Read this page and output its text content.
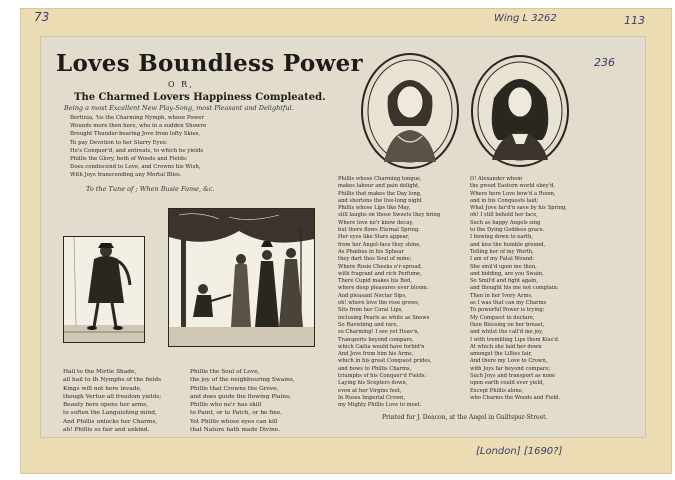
73	Wing L 3262	113
[London] [1690?]
236
Loves Boundless Power
O R,
The Charmed Lovers Happiness Compleated.
Being a most Excellent New Play-Song, most Pleasant and Delightful.
Bertinia, 'tis the Charming Nymph, whose Power
Wounds more then here, who in a sudden Showre
Brought Thunder-bearing Jove from lofty Skies,
To pay Devotion to her Starry Eyes:
He's Conquer'd, and entreats, to which he yields
Phillis the Glory, both of Woods and Fields:
Does condiscend to Love, and Crowns his Wish,
With Joys transcending any Mortal Bliss.
To the Tune of ; When Busie Fame, &c.
Hail to the Mirtle Shade,
all hail to th Nymphs of the fields
Kings will not here invade,
though Vertue all freedom yields;
Beauty here opens her arms,
to soften the Languishing mind,
And Phillis unlocks her Charms,
ah! Phillis so fair and unkind.
Phillis the Soul of Love,
the joy of the neighbouring Swains,
Phillis that Crowns the Grove,
and does guide the flowing Plains;
Phillis who ne'r has skill
to Paint, or to Patch, or be fine,
Yet Phillis whose eyes can kill
that Nature hath made Divine.
Phillis whose Charming tongue,
makes labour and pain delight,
Phillis that makes the Day long,
and shortens the live-long night
Phillis whose Lips like May,
still laughs on those Sweets they bring
Where love ne'r knew decay,
but there flows Eternal Spring.
Her eyes like Stars appear,
from her Angel-face they shine,
As Phœbus in his Sphear
they dart thos Soul of mine;
Where Rosie Cheeks o'r-spread,
with fragrant and rich Perfume,
There Cupid makes his Bed,
where deep pleasures ever bloom.
And pleasant Nectar Sips,
oh! where love the rose grows,
Sits from her Coral Lips,
inclosing Pearls as white as Snows
So Ravishing and rare,
so Charming! I see yet Heav'n,
Transports beyond compare,
which Cælia would have forbid'n
And Jove from him his Arms,
which in his great Conquest prides,
and bows to Phillis Charms,
triumphs of his Conquer'd Fields:
Laying his Scepters down,
even at her Virgins feet,
In Roses Imperial Crown,
my Mighty Phillis Love to meet.
O! Alexander whom
the proud Eastern world obey'd,
Where here Love bow'd a Room,
and in his Conquests laid;
What Jove far'd'n save by his Spring,
oh! I still behold her face,
Such as happy Angels sing
to the Dying Goddess grace.
I bowing down to earth,
and kiss the humble ground,
Telling her of my Worth,
I am of my Fatal Wound:
She smil'd upon me then,
and bidding, are you Swain,
So Smil'd and fight again,
and thought his me not complain:
Then in her Ivory Arms,
as I was that can my Charms
To powerful Power is trying:
My Conquest to declare,
then Blessing on her breast,
and whilst the call'd me joy,
I with trembling Lips them Kiss'd.
At which she laid her down
amongst the Lillies fair,
And there my Love to Crown,
with Joys far beyond compare;
Such Joys and transport as none
upon earth could ever yield,
Except Phillis alone,
who Charms the Woods and Field.
Printed for J. Deacon, at the Angel in Guiltspur-Street.
